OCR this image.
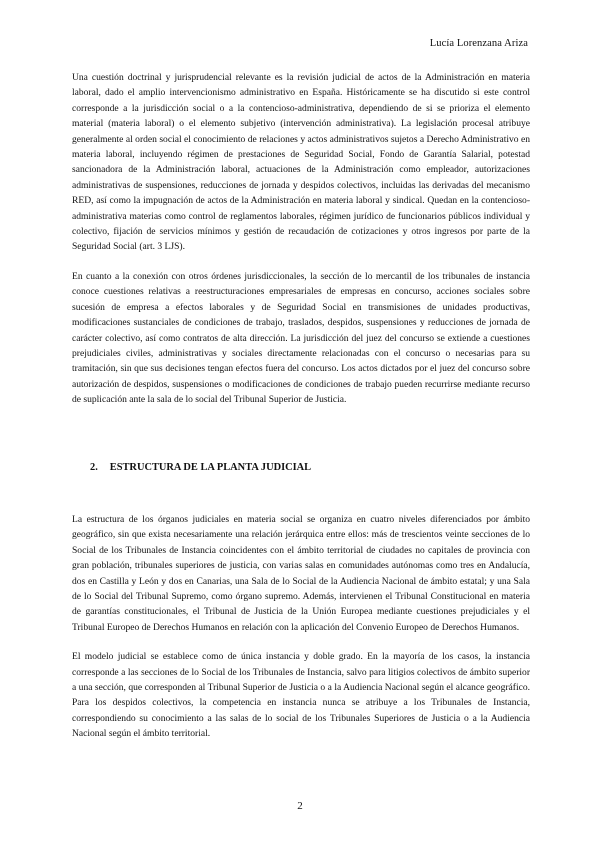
Lucía Lorenzana Ariza

Una cuestión doctrinal y jurisprudencial relevante es la revisión judicial de actos de la Administración en materia laboral, dado el amplio intervencionismo administrativo en España. Históricamente se ha discutido si este control corresponde a la jurisdicción social o a la contencioso-administrativa, dependiendo de si se prioriza el elemento material (materia laboral) o el elemento subjetivo (intervención administrativa). La legislación procesal atribuye generalmente al orden social el conocimiento de relaciones y actos administrativos sujetos a Derecho Administrativo en materia laboral, incluyendo régimen de prestaciones de Seguridad Social, Fondo de Garantía Salarial, potestad sancionadora de la Administración laboral, actuaciones de la Administración como empleador, autorizaciones administrativas de suspensiones, reducciones de jornada y despidos colectivos, incluidas las derivadas del mecanismo RED, así como la impugnación de actos de la Administración en materia laboral y sindical. Quedan en la contencioso-administrativa materias como control de reglamentos laborales, régimen jurídico de funcionarios públicos individual y colectivo, fijación de servicios mínimos y gestión de recaudación de cotizaciones y otros ingresos por parte de la Seguridad Social (art. 3 LJS).

En cuanto a la conexión con otros órdenes jurisdiccionales, la sección de lo mercantil de los tribunales de instancia conoce cuestiones relativas a reestructuraciones empresariales de empresas en concurso, acciones sociales sobre sucesión de empresa a efectos laborales y de Seguridad Social en transmisiones de unidades productivas, modificaciones sustanciales de condiciones de trabajo, traslados, despidos, suspensiones y reducciones de jornada de carácter colectivo, así como contratos de alta dirección. La jurisdicción del juez del concurso se extiende a cuestiones prejudiciales civiles, administrativas y sociales directamente relacionadas con el concurso o necesarias para su tramitación, sin que sus decisiones tengan efectos fuera del concurso. Los actos dictados por el juez del concurso sobre autorización de despidos, suspensiones o modificaciones de condiciones de trabajo pueden recurrirse mediante recurso de suplicación ante la sala de lo social del Tribunal Superior de Justicia.

2. ESTRUCTURA DE LA PLANTA JUDICIAL

La estructura de los órganos judiciales en materia social se organiza en cuatro niveles diferenciados por ámbito geográfico, sin que exista necesariamente una relación jerárquica entre ellos: más de trescientos veinte secciones de lo Social de los Tribunales de Instancia coincidentes con el ámbito territorial de ciudades no capitales de provincia con gran población, tribunales superiores de justicia, con varias salas en comunidades autónomas como tres en Andalucía, dos en Castilla y León y dos en Canarias, una Sala de lo Social de la Audiencia Nacional de ámbito estatal; y una Sala de lo Social del Tribunal Supremo, como órgano supremo. Además, intervienen el Tribunal Constitucional en materia de garantías constitucionales, el Tribunal de Justicia de la Unión Europea mediante cuestiones prejudiciales y el Tribunal Europeo de Derechos Humanos en relación con la aplicación del Convenio Europeo de Derechos Humanos.

El modelo judicial se establece como de única instancia y doble grado. En la mayoría de los casos, la instancia corresponde a las secciones de lo Social de los Tribunales de Instancia, salvo para litigios colectivos de ámbito superior a una sección, que corresponden al Tribunal Superior de Justicia o a la Audiencia Nacional según el alcance geográfico. Para los despidos colectivos, la competencia en instancia nunca se atribuye a los Tribunales de Instancia, correspondiendo su conocimiento a las salas de lo social de los Tribunales Superiores de Justicia o a la Audiencia Nacional según el ámbito territorial.

2
